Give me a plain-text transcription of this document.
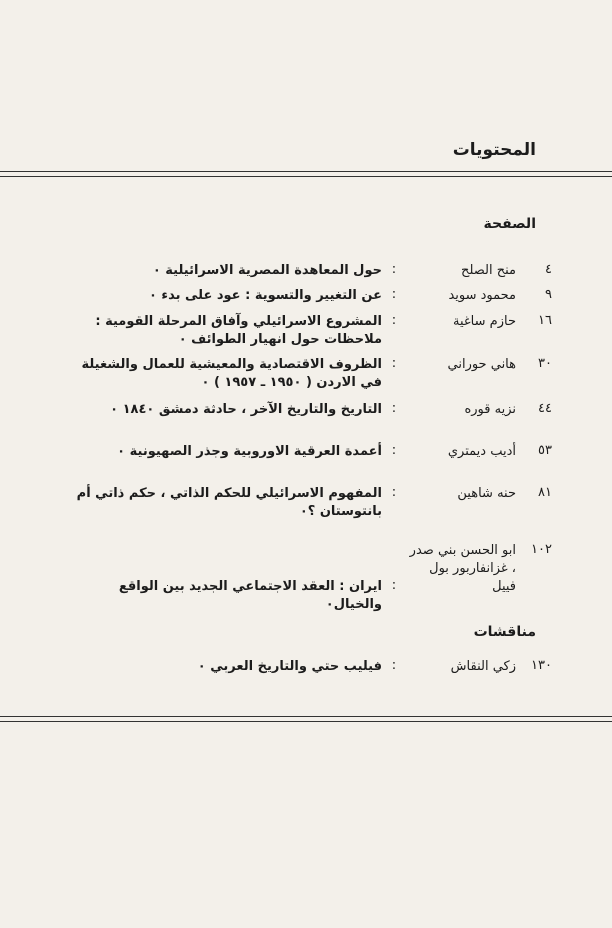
المحتويات
الصفحة
٤
منح الصلح
:
حول المعاهدة المصرية الاسرائيلية ٠
٩
محمود سويد
:
عن التغيير والتسوية : عود على بدء ٠
١٦
حازم ساغية
:
المشروع الاسرائيلي وآفاق المرحلة القومية : ملاحظات حول انهيار الطوائف ٠
٣٠
هاني حوراني
:
الظروف الاقتصادية والمعيشية للعمال والشغيلة في الاردن ( ١٩٥٠ ـ ١٩٥٧ ) ٠
٤٤
نزيه قوره
:
التاريخ والتاريخ الآخر ، حادثة دمشق ١٨٤٠ ٠
٥٣
أديب ديمتري
:
أعمدة العرقية الاوروبية وجذر الصهيونية ٠
٨١
حنه شاهين
:
المفهوم الاسرائيلي للحكم الذاتي ، حكم ذاتي أم بانتوستان ؟٠
١٠٢
ابو الحسن بني صدر ، غزانفاربور بول فييل
:
ايران : العقد الاجتماعي الجديد بين الواقع والخيال٠
مناقشات
١٣٠
زكي النقاش
:
فيليب حتي والتاريخ العربي ٠
